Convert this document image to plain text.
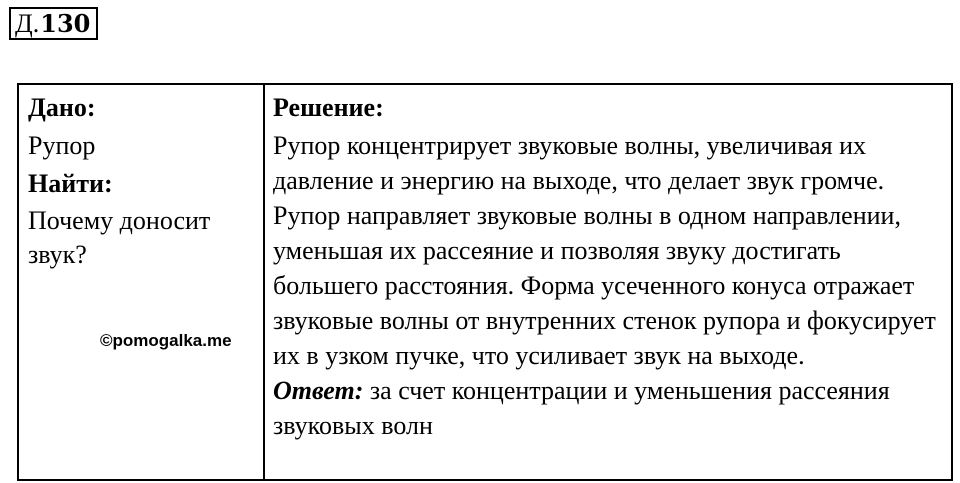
Д. 130

Дано:

Рупор

Найти:

Почему доносит звук?

©pomogalka.me

Решение:

Рупор концентрирует звуковые волны, увеличивая их давление и энергию на выходе, что делает звук громче. Рупор направляет звуковые волны в одном направлении, уменьшая их рассеяние и позволяя звуку достигать большего расстояния. Форма усеченного конуса отражает звуковые волны от внутренних стенок рупора и фокусирует их в узком пучке, что усиливает звук на выходе.

Ответ: за счет концентрации и уменьшения рассеяния звуковых волн
